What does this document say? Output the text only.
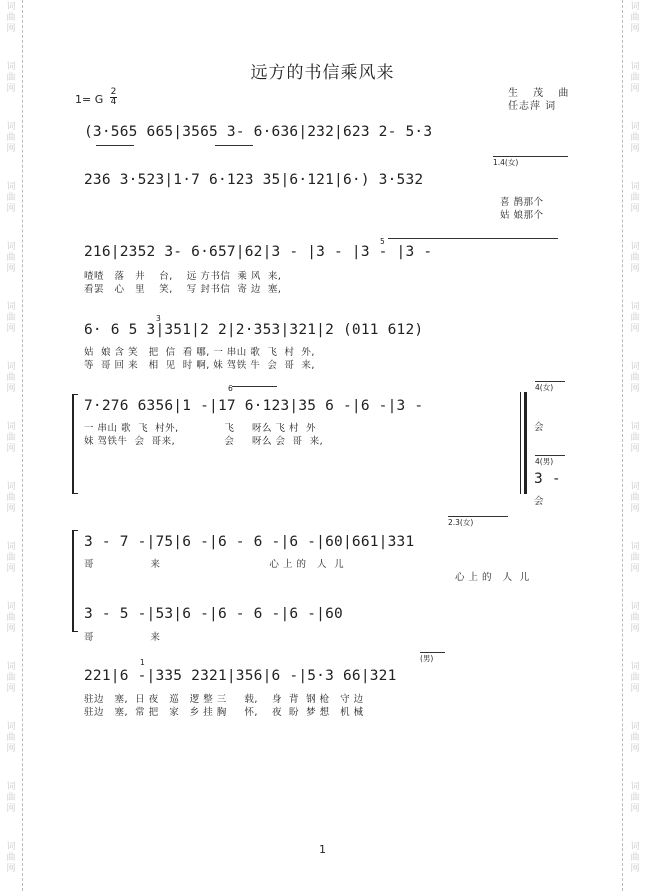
词
曲
网
词
曲
网
词
曲
网
词
曲
网
词
曲
网
词
曲
网
词
曲
网
词
曲
网
词
曲
网
词
曲
网
词
曲
网
词
曲
网
词
曲
网
词
曲
网
词
曲
网
词
曲
网
词
曲
网
词
曲
网
词
曲
网
词
曲
网
词
曲
网
词
曲
网
词
曲
网
词
曲
网
词
曲
网
词
曲
网
词
曲
网
词
曲
网
词
曲
网
词
曲
网
远方的书信乘风来
1= G
2
4
生 茂 曲
任志萍 词
(3·565 665|3565 3- 6·636|232|623 2- 5·3
1.4(女)
236 3·523|1·7 6·123 35|6·121|6·) 3·532
喜 鹊那个
姑 娘那个
5
216|2352 3- 6·657|62|3 - |3 - |3 - |3 -
喳喳   落   井    台,    远 方书信  乘 风  来,
看罢   心   里    笑,    写 封书信  寄 边  塞,
3
6· 6 5 3|351|2 2|2·353|321|2 (011 612)
姑  娘 含 笑   把  信  看 哪, 一 串山 歌  飞  村  外,
等  哥 回 来   相  见  时 啊, 妹 驾铁 牛  会  哥  来,
6	4(女)
7·276 6356|1 -|17 6·123|35 6 -|6 -|3 -
一 串山 歌  飞  村外,             飞     呀么 飞 村  外
妹 驾铁牛  会  哥来,              会     呀么 会  哥  来,
会
4(男)
3 -
会
2.3(女)
3 - 7 -|75|6 -|6 - 6 -|6 -|60|661|331
哥                来                               心 上 的   人  儿
心 上 的   人  儿
3 - 5 -|53|6 -|6 - 6 -|6 -|60
哥                来
1	(男)
221|6 -|335 2321|356|6 -|5·3 66|321
驻边   塞,  日 夜   巡   逻 整 三     载,    身  背  钢 枪   守 边
驻边   塞,  常 把   家   乡 挂 胸     怀,    夜  盼  梦 想   机 械
1
